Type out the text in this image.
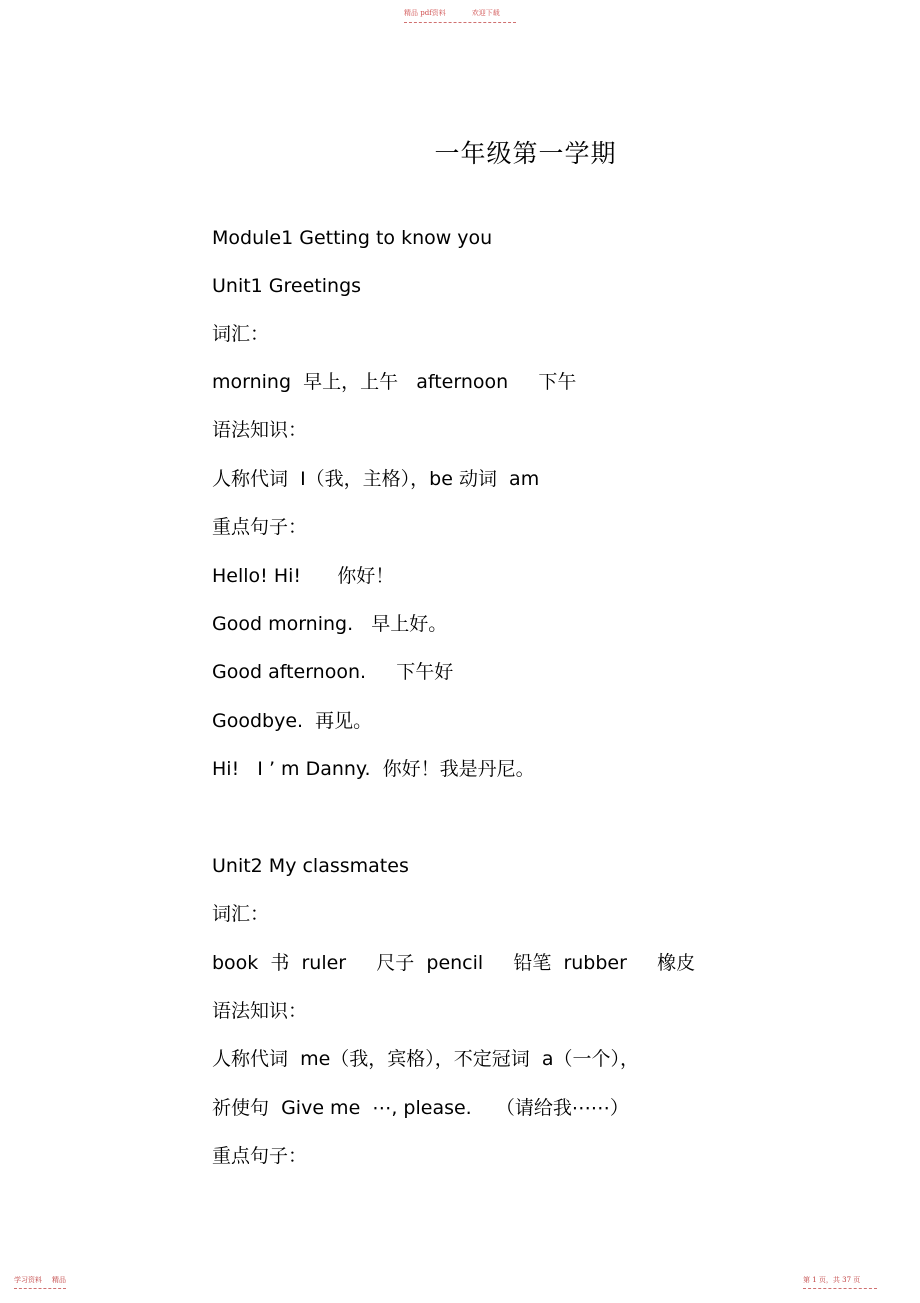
精品 pdf资料	欢迎下载
一年级第一学期
Module1 Getting to know you
Unit1 Greetings
词汇：
morning  早上，上午   afternoon     下午
语法知识：
人称代词  I（我，主格），be 动词  am
重点句子：
Hello! Hi!      你好！
Good morning.   早上好。
Good afternoon.     下午好
Goodbye.  再见。
Hi!   I ’ m Danny.  你好！我是丹尼。
Unit2 My classmates
词汇：
book  书  ruler     尺子  pencil     铅笔  rubber     橡皮
语法知识：
人称代词  me（我，宾格），不定冠词  a（一个），
祈使句  Give me  ⋯, please.    （请给我⋯⋯）
重点句子：
学习资料 精品	第 1 页，共 37 页
